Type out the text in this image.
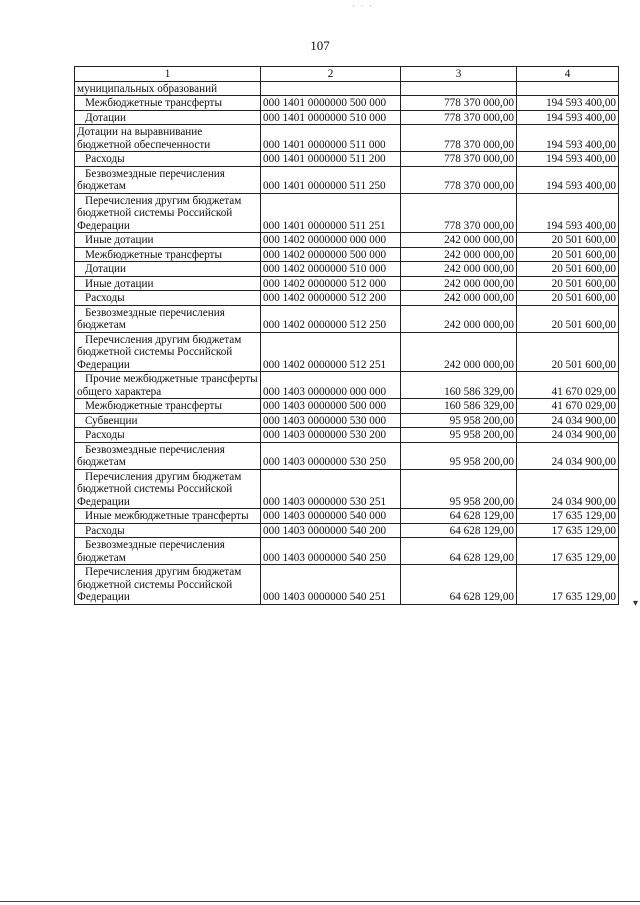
· · ·
107
1	2	3	4
муниципальных образований			
Межбюджетные трансферты	000 1401 0000000 500 000	778 370 000,00	194 593 400,00
Дотации	000 1401 0000000 510 000	778 370 000,00	194 593 400,00
Дотации на выравнивание бюджетной обеспеченности	000 1401 0000000 511 000	778 370 000,00	194 593 400,00
Расходы	000 1401 0000000 511 200	778 370 000,00	194 593 400,00
Безвозмездные перечисления бюджетам	000 1401 0000000 511 250	778 370 000,00	194 593 400,00
Перечисления другим бюджетам бюджетной системы Российской Федерации	000 1401 0000000 511 251	778 370 000,00	194 593 400,00
Иные дотации	000 1402 0000000 000 000	242 000 000,00	20 501 600,00
Межбюджетные трансферты	000 1402 0000000 500 000	242 000 000,00	20 501 600,00
Дотации	000 1402 0000000 510 000	242 000 000,00	20 501 600,00
Иные дотации	000 1402 0000000 512 000	242 000 000,00	20 501 600,00
Расходы	000 1402 0000000 512 200	242 000 000,00	20 501 600,00
Безвозмездные перечисления бюджетам	000 1402 0000000 512 250	242 000 000,00	20 501 600,00
Перечисления другим бюджетам бюджетной системы Российской Федерации	000 1402 0000000 512 251	242 000 000,00	20 501 600,00
Прочие межбюджетные трансферты общего характера	000 1403 0000000 000 000	160 586 329,00	41 670 029,00
Межбюджетные трансферты	000 1403 0000000 500 000	160 586 329,00	41 670 029,00
Субвенции	000 1403 0000000 530 000	95 958 200,00	24 034 900,00
Расходы	000 1403 0000000 530 200	95 958 200,00	24 034 900,00
Безвозмездные перечисления бюджетам	000 1403 0000000 530 250	95 958 200,00	24 034 900,00
Перечисления другим бюджетам бюджетной системы Российской Федерации	000 1403 0000000 530 251	95 958 200,00	24 034 900,00
Иные межбюджетные трансферты	000 1403 0000000 540 000	64 628 129,00	17 635 129,00
Расходы	000 1403 0000000 540 200	64 628 129,00	17 635 129,00
Безвозмездные перечисления бюджетам	000 1403 0000000 540 250	64 628 129,00	17 635 129,00
Перечисления другим бюджетам бюджетной системы Российской Федерации	000 1403 0000000 540 251	64 628 129,00	17 635 129,00
▾
